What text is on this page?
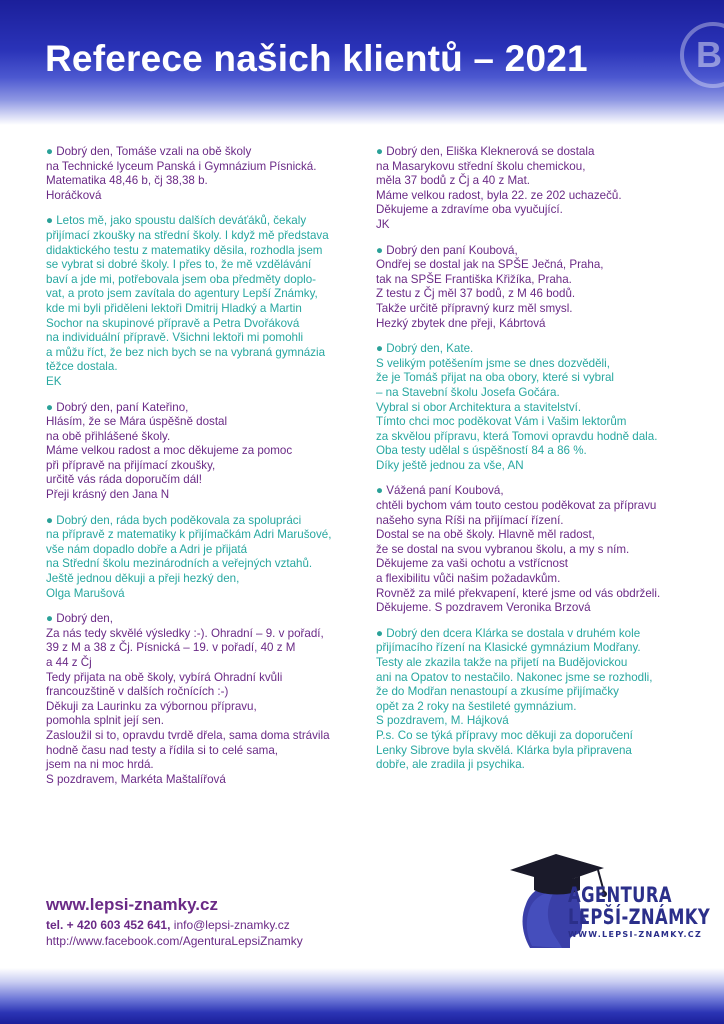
Referece našich klientů – 2021	B
● Dobrý den, Tomáše vzali na obě školy
na Technické lyceum Panská i Gymnázium Písnická.
Matematika 48,46 b, čj 38,38 b.
Horáčková
● Letos mě, jako spoustu dalších deváťáků, čekaly
přijímací zkoušky na střední školy. I když mě představa
didaktického testu z matematiky děsila, rozhodla jsem
se vybrat si dobré školy. I přes to, že mě vzdělávání
baví a jde mi, potřebovala jsem oba předměty doplo-
vat, a proto jsem zavítala do agentury Lepší Známky,
kde mi byli přiděleni lektoři Dmitrij Hladký a Martin
Sochor na skupinové přípravě a Petra Dvořáková
na individuální přípravě. Všichni lektoři mi pomohli
a můžu říct, že bez nich bych se na vybraná gymnázia
těžce dostala.
EK
● Dobrý den, paní Kateřino,
Hlásím, že se Mára úspěšně dostal
na obě přihlášené školy.
Máme velkou radost a moc děkujeme za pomoc
při přípravě na přijímací zkoušky,
určitě vás ráda doporučím dál!
Přeji krásný den Jana N
● Dobrý den, ráda bych poděkovala za spolupráci
na přípravě z matematiky k přijímačkám Adri Marušové,
vše nám dopadlo dobře a Adri je přijatá
na Střední školu mezinárodních a veřejných vztahů.
Ještě jednou děkuji a přeji hezký den,
Olga Marušová
● Dobrý den,
Za nás tedy skvělé výsledky :-). Ohradní – 9. v pořadí,
39 z M a 38 z Čj. Písnická – 19. v pořadí, 40 z M
a 44 z Čj
Tedy přijata na obě školy, vybírá Ohradní kvůli
francouzštině v dalších ročnících :-)
Děkuji za Laurinku za výbornou přípravu,
pomohla splnit její sen.
Zasloužil si to, opravdu tvrdě dřela, sama doma strávila
hodně času nad testy a řídila si to celé sama,
jsem na ni moc hrdá.
S pozdravem, Markéta Maštalířová
● Dobrý den, Eliška Kleknerová se dostala
na Masarykovu střední školu chemickou,
měla 37 bodů z Čj a 40 z Mat.
Máme velkou radost, byla 22. ze 202 uchazečů.
Děkujeme a zdravíme oba vyučující.
JK
● Dobrý den paní Koubová,
Ondřej se dostal jak na SPŠE Ječná, Praha,
tak na SPŠE Františka Křižíka, Praha.
Z testu z Čj měl 37 bodů, z M 46 bodů.
Takže určitě přípravný kurz měl smysl.
Hezký zbytek dne přeji, Kábrtová
● Dobrý den, Kate.
S velikým potěšením jsme se dnes dozvěděli,
že je Tomáš přijat na oba obory, které si vybral
– na Stavební školu Josefa Gočára.
Vybral si obor Architektura a stavitelství.
Tímto chci moc poděkovat Vám i Vašim lektorům
za skvělou přípravu, která Tomovi opravdu hodně dala.
Oba testy udělal s úspěšností 84 a 86 %.
Díky ještě jednou za vše, AN
● Vážená paní Koubová,
chtěli bychom vám touto cestou poděkovat za přípravu
našeho syna Ríši na přijímací řízení.
Dostal se na obě školy. Hlavně měl radost,
že se dostal na svou vybranou školu, a my s ním.
Děkujeme za vaši ochotu a vstřícnost
a flexibilitu vůči našim požadavkům.
Rovněž za milé překvapení, které jsme od vás obdrželi.
Děkujeme. S pozdravem Veronika Brzová
● Dobrý den dcera Klárka se dostala v druhém kole
přijímacího řízení na Klasické gymnázium Modřany.
Testy ale zkazila takže na přijetí na Budějovickou
ani na Opatov to nestačilo. Nakonec jsme se rozhodli,
že do Modřan nenastoupí a zkusíme přijímačky
opět za 2 roky na šestileté gymnázium.
S pozdravem, M. Hájková
P.s. Co se týká přípravy moc děkuji za doporučení
Lenky Sibrove byla skvělá. Klárka byla připravena
dobře, ale zradila ji psychika.
www.lepsi-znamky.cz
tel. + 420 603 452 641, info@lepsi-znamky.cz
http://www.facebook.com/AgenturaLepsiZnamky
AGENTURA
LEPŠÍ-ZNÁMKY
WWW.LEPSI-ZNAMKY.CZ
